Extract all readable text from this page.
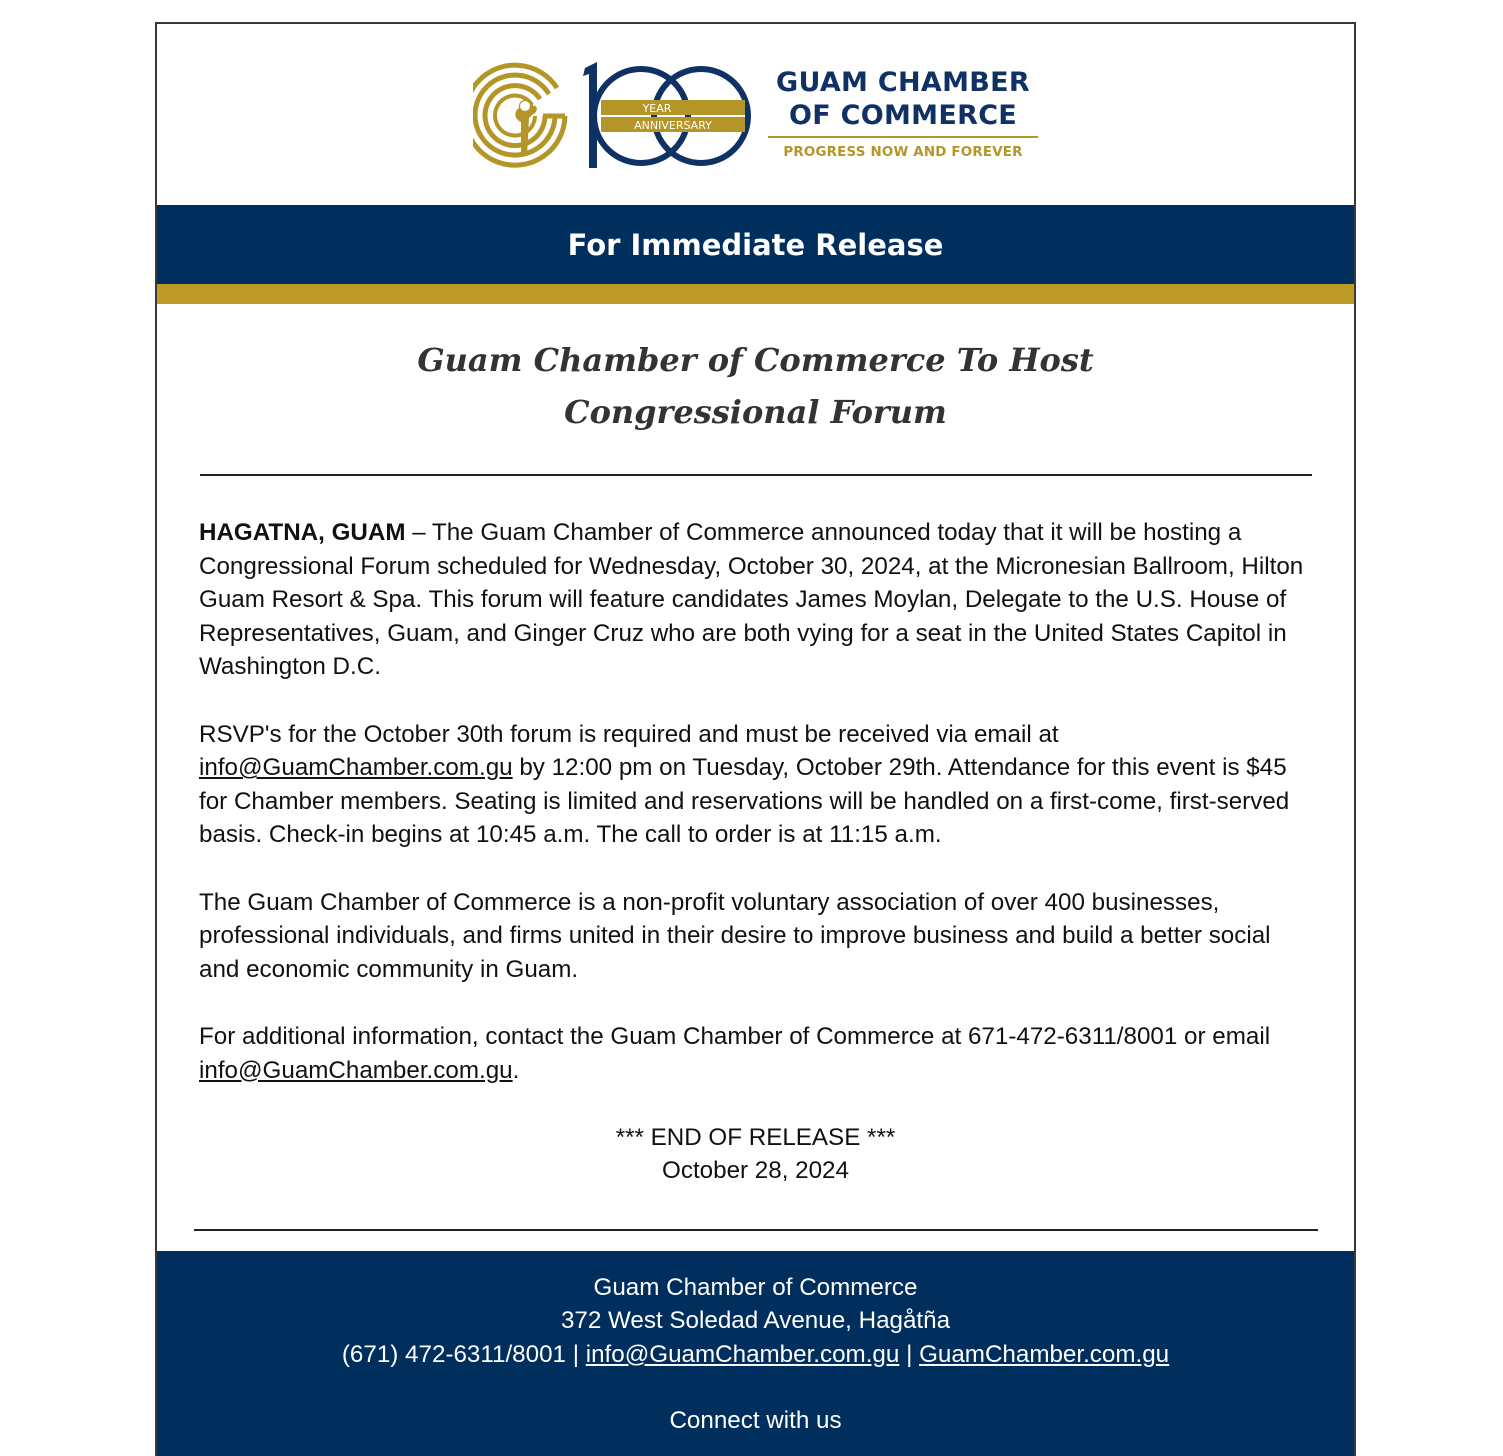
YEAR
ANNIVERSARY
GUAM CHAMBER
OF COMMERCE
PROGRESS NOW AND FOREVER
For Immediate Release
Guam Chamber of Commerce To Host
Congressional Forum

HAGATNA, GUAM – The Guam Chamber of Commerce announced today that it will be hosting a Congressional Forum scheduled for Wednesday, October 30, 2024, at the Micronesian Ballroom, Hilton Guam Resort & Spa. This forum will feature candidates James Moylan, Delegate to the U.S. House of Representatives, Guam, and Ginger Cruz who are both vying for a seat in the United States Capitol in Washington D.C.

RSVP's for the October 30th forum is required and must be received via email at info@GuamChamber.com.gu by 12:00 pm on Tuesday, October 29th. Attendance for this event is $45 for Chamber members. Seating is limited and reservations will be handled on a first-come, first-served basis. Check-in begins at 10:45 a.m. The call to order is at 11:15 a.m.

The Guam Chamber of Commerce is a non-profit voluntary association of over 400 businesses, professional individuals, and firms united in their desire to improve business and build a better social and economic community in Guam.

For additional information, contact the Guam Chamber of Commerce at 671-472-6311/8001 or email info@GuamChamber.com.gu.

*** END OF RELEASE ***
October 28, 2024
Guam Chamber of Commerce
372 West Soledad Avenue, Hagåtña
(671) 472-6311/8001 | info@GuamChamber.com.gu | GuamChamber.com.gu
Connect with us
